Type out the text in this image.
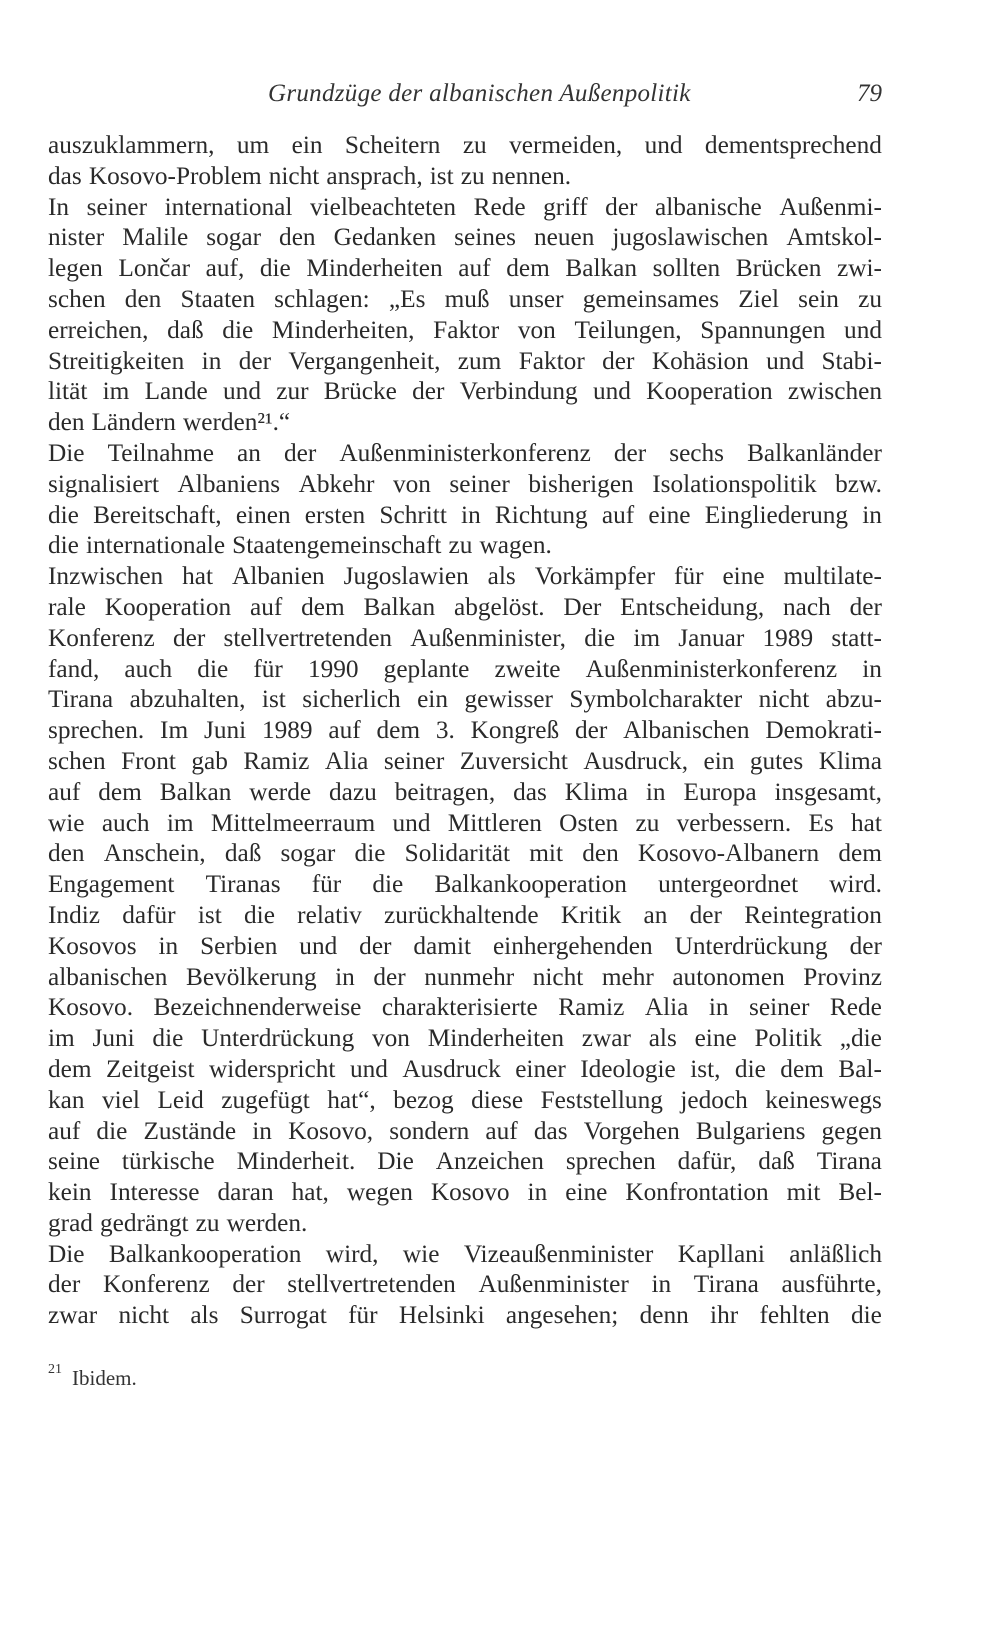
Grundzüge der albanischen Außenpolitik	79
auszuklammern, um ein Scheitern zu vermeiden, und dementsprechend
das Kosovo-Problem nicht ansprach, ist zu nennen.
In seiner international vielbeachteten Rede griff der albanische Außenmi-
nister Malile sogar den Gedanken seines neuen jugoslawischen Amtskol-
legen Lončar auf, die Minderheiten auf dem Balkan sollten Brücken zwi-
schen den Staaten schlagen: „Es muß unser gemeinsames Ziel sein zu
erreichen, daß die Minderheiten, Faktor von Teilungen, Spannungen und
Streitigkeiten in der Vergangenheit, zum Faktor der Kohäsion und Stabi-
lität im Lande und zur Brücke der Verbindung und Kooperation zwischen
den Ländern werden²¹.“
Die Teilnahme an der Außenministerkonferenz der sechs Balkanländer
signalisiert Albaniens Abkehr von seiner bisherigen Isolationspolitik bzw.
die Bereitschaft, einen ersten Schritt in Richtung auf eine Eingliederung in
die internationale Staatengemeinschaft zu wagen.
Inzwischen hat Albanien Jugoslawien als Vorkämpfer für eine multilate-
rale Kooperation auf dem Balkan abgelöst. Der Entscheidung, nach der
Konferenz der stellvertretenden Außenminister, die im Januar 1989 statt-
fand, auch die für 1990 geplante zweite Außenministerkonferenz in
Tirana abzuhalten, ist sicherlich ein gewisser Symbolcharakter nicht abzu-
sprechen. Im Juni 1989 auf dem 3. Kongreß der Albanischen Demokrati-
schen Front gab Ramiz Alia seiner Zuversicht Ausdruck, ein gutes Klima
auf dem Balkan werde dazu beitragen, das Klima in Europa insgesamt,
wie auch im Mittelmeerraum und Mittleren Osten zu verbessern. Es hat
den Anschein, daß sogar die Solidarität mit den Kosovo-Albanern dem
Engagement Tiranas für die Balkankooperation untergeordnet wird.
Indiz dafür ist die relativ zurückhaltende Kritik an der Reintegration
Kosovos in Serbien und der damit einhergehenden Unterdrückung der
albanischen Bevölkerung in der nunmehr nicht mehr autonomen Provinz
Kosovo. Bezeichnenderweise charakterisierte Ramiz Alia in seiner Rede
im Juni die Unterdrückung von Minderheiten zwar als eine Politik „die
dem Zeitgeist widerspricht und Ausdruck einer Ideologie ist, die dem Bal-
kan viel Leid zugefügt hat“, bezog diese Feststellung jedoch keineswegs
auf die Zustände in Kosovo, sondern auf das Vorgehen Bulgariens gegen
seine türkische Minderheit. Die Anzeichen sprechen dafür, daß Tirana
kein Interesse daran hat, wegen Kosovo in eine Konfrontation mit Bel-
grad gedrängt zu werden.
Die Balkankooperation wird, wie Vizeaußenminister Kapllani anläßlich
der Konferenz der stellvertretenden Außenminister in Tirana ausführte,
zwar nicht als Surrogat für Helsinki angesehen; denn ihr fehlten die
$^{21}$ Ibidem.
